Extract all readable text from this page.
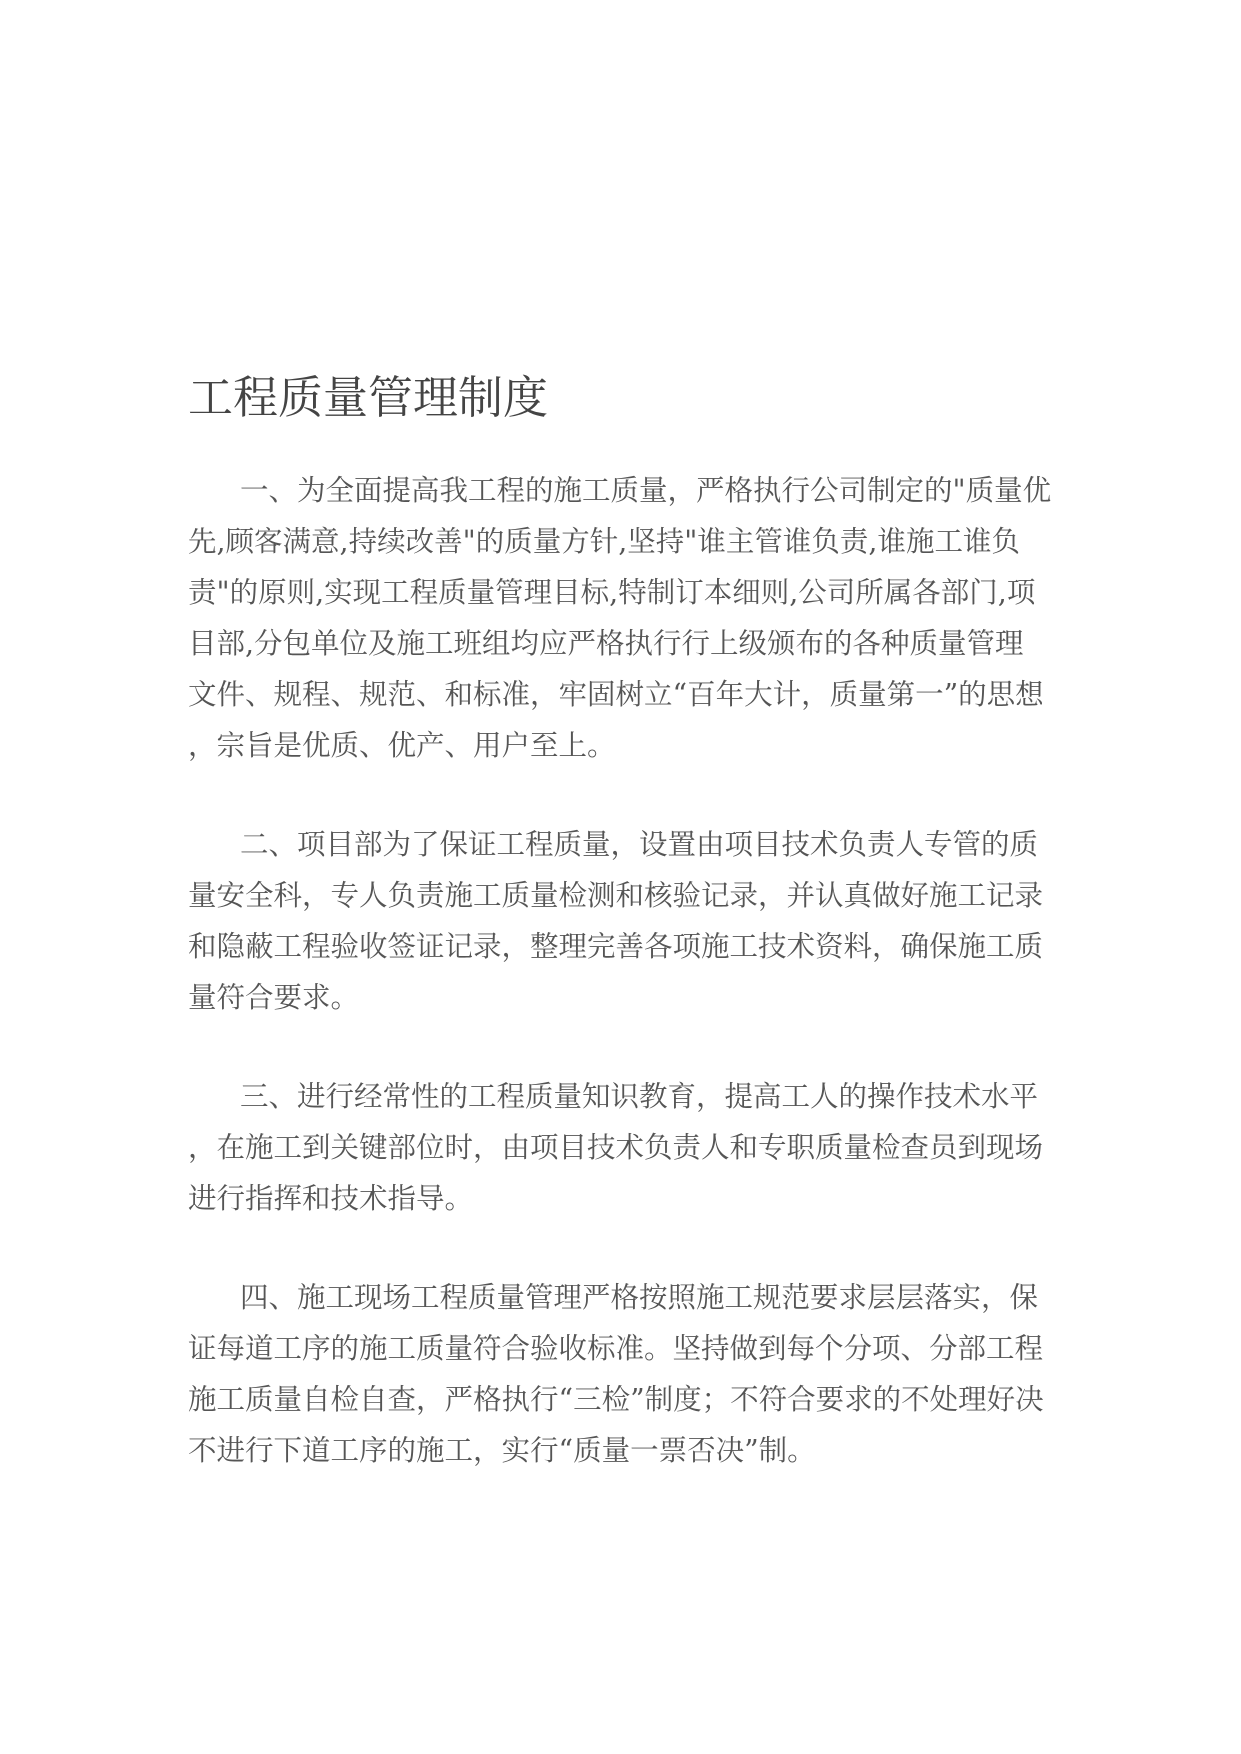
工程质量管理制度

一、为全面提高我工程的施工质量，严格执行公司制定的"质量优
先,顾客满意,持续改善"的质量方针,坚持"谁主管谁负责,谁施工谁负
责"的原则,实现工程质量管理目标,特制订本细则,公司所属各部门,项
目部,分包单位及施工班组均应严格执行行上级颁布的各种质量管理
文件、规程、规范、和标准，牢固树立“百年大计，质量第一”的思想
，宗旨是优质、优产、用户至上。

二、项目部为了保证工程质量，设置由项目技术负责人专管的质
量安全科，专人负责施工质量检测和核验记录，并认真做好施工记录
和隐蔽工程验收签证记录，整理完善各项施工技术资料，确保施工质
量符合要求。

三、进行经常性的工程质量知识教育，提高工人的操作技术水平
，在施工到关键部位时，由项目技术负责人和专职质量检查员到现场
进行指挥和技术指导。

四、施工现场工程质量管理严格按照施工规范要求层层落实，保
证每道工序的施工质量符合验收标准。坚持做到每个分项、分部工程
施工质量自检自查，严格执行“三检”制度；不符合要求的不处理好决
不进行下道工序的施工，实行“质量一票否决”制。
